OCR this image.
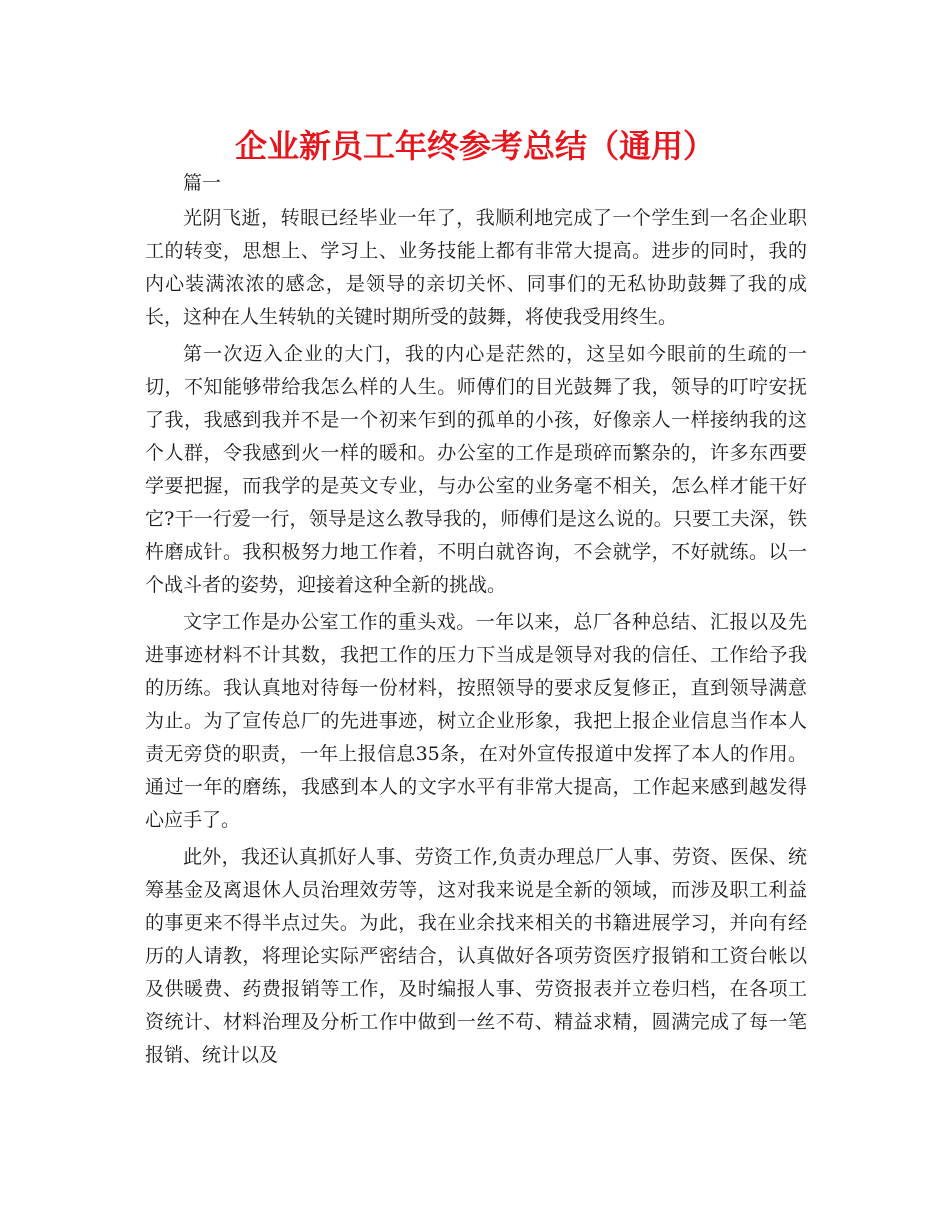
企业新员工年终参考总结（通用）
篇一

光阴飞逝，转眼已经毕业一年了，我顺利地完成了一个学生到一名企业职工的转变，思想上、学习上、业务技能上都有非常大提高。进步的同时，我的内心装满浓浓的感念，是领导的亲切关怀、同事们的无私协助鼓舞了我的成长，这种在人生转轨的关键时期所受的鼓舞，将使我受用终生。

第一次迈入企业的大门，我的内心是茫然的，这呈如今眼前的生疏的一切，不知能够带给我怎么样的人生。师傅们的目光鼓舞了我，领导的叮咛安抚了我，我感到我并不是一个初来乍到的孤单的小孩，好像亲人一样接纳我的这个人群，令我感到火一样的暖和。办公室的工作是琐碎而繁杂的，许多东西要学要把握，而我学的是英文专业，与办公室的业务毫不相关，怎么样才能干好它?干一行爱一行，领导是这么教导我的，师傅们是这么说的。只要工夫深，铁杵磨成针。我积极努力地工作着，不明白就咨询，不会就学，不好就练。以一个战斗者的姿势，迎接着这种全新的挑战。

文字工作是办公室工作的重头戏。一年以来，总厂各种总结、汇报以及先进事迹材料不计其数，我把工作的压力下当成是领导对我的信任、工作给予我的历练。我认真地对待每一份材料，按照领导的要求反复修正，直到领导满意为止。为了宣传总厂的先进事迹，树立企业形象，我把上报企业信息当作本人责无旁贷的职责，一年上报信息35条，在对外宣传报道中发挥了本人的作用。通过一年的磨练，我感到本人的文字水平有非常大提高，工作起来感到越发得心应手了。

此外，我还认真抓好人事、劳资工作,负责办理总厂人事、劳资、医保、统筹基金及离退休人员治理效劳等，这对我来说是全新的领域，而涉及职工利益的事更来不得半点过失。为此，我在业余找来相关的书籍进展学习，并向有经历的人请教，将理论实际严密结合，认真做好各项劳资医疗报销和工资台帐以及供暖费、药费报销等工作，及时编报人事、劳资报表并立卷归档，在各项工资统计、材料治理及分析工作中做到一丝不苟、精益求精，圆满完成了每一笔报销、统计以及
